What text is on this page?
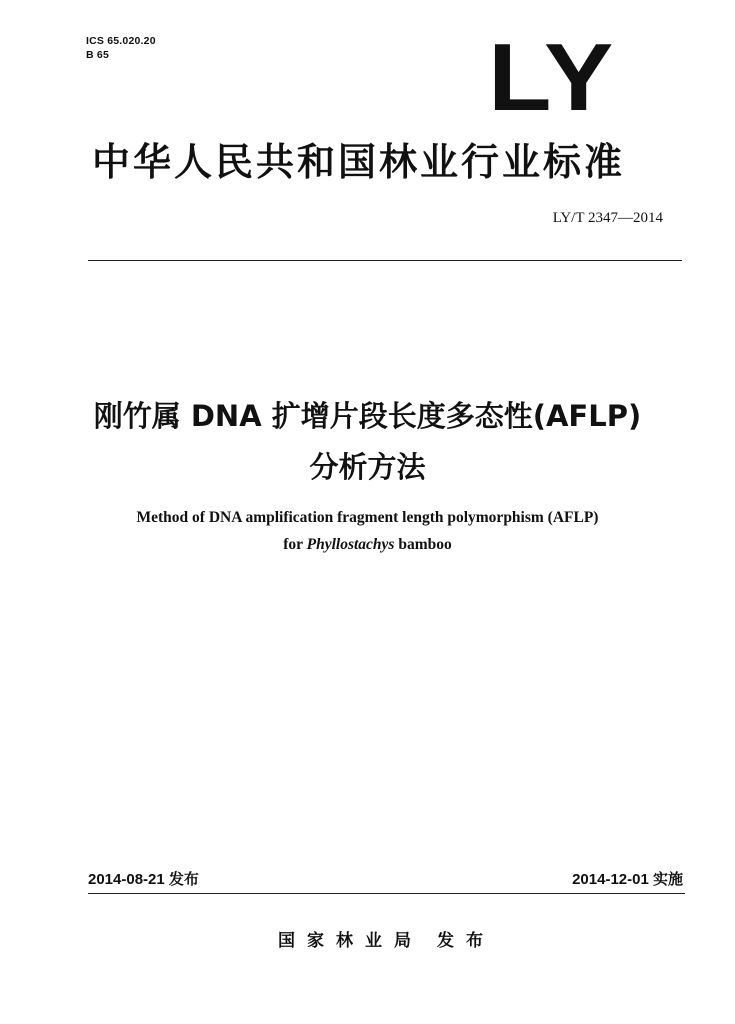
ICS 65.020.20
B 65	LY
中华人民共和国林业行业标准
LY/T 2347—2014
刚竹属 DNA 扩增片段长度多态性(AFLP)
分析方法
Method of DNA amplification fragment length polymorphism (AFLP)
for Phyllostachys bamboo
2014-08-21 发布	2014-12-01 实施
国家林业局 发布
